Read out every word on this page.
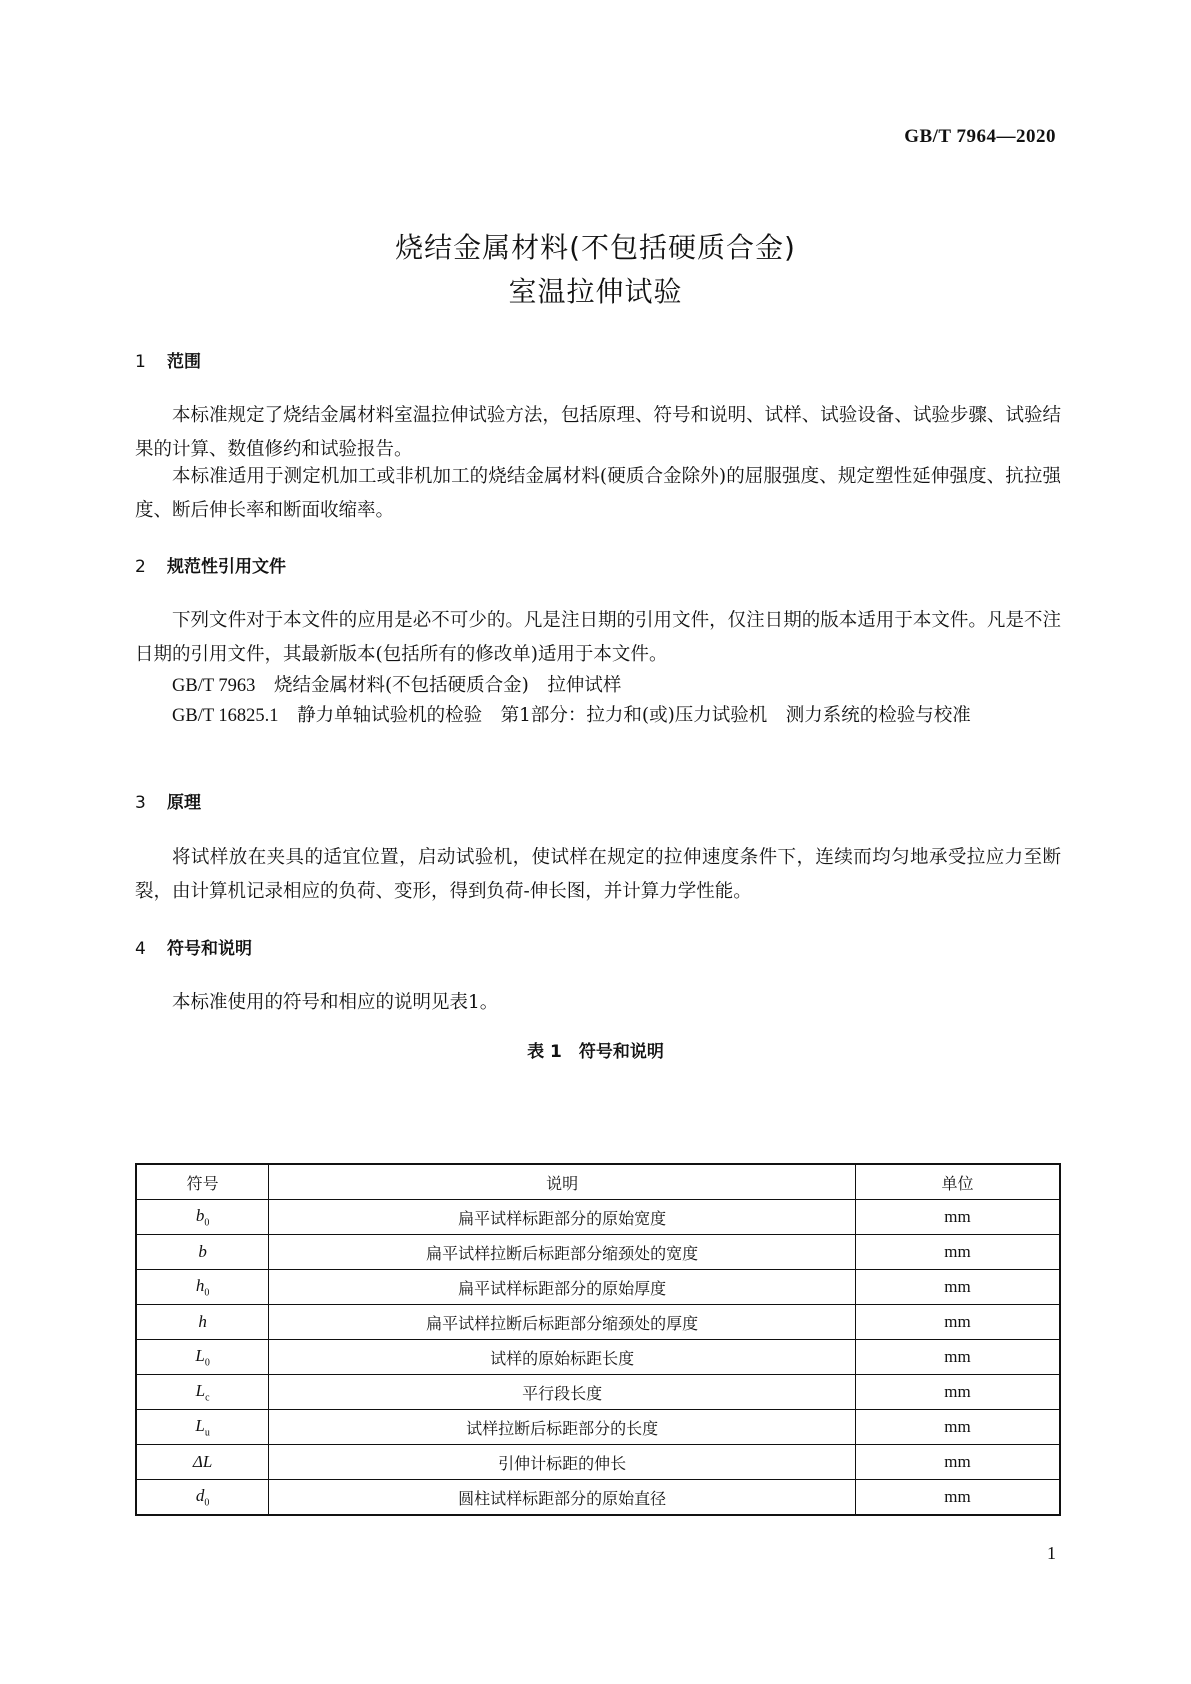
GB/T 7964—2020
烧结金属材料(不包括硬质合金)
室温拉伸试验
1 范围
本标准规定了烧结金属材料室温拉伸试验方法，包括原理、符号和说明、试样、试验设备、试验步骤、试验结果的计算、数值修约和试验报告。
本标准适用于测定机加工或非机加工的烧结金属材料(硬质合金除外)的屈服强度、规定塑性延伸强度、抗拉强度、断后伸长率和断面收缩率。
2 规范性引用文件
下列文件对于本文件的应用是必不可少的。凡是注日期的引用文件，仅注日期的版本适用于本文件。凡是不注日期的引用文件，其最新版本(包括所有的修改单)适用于本文件。
GB/T 7963　 烧结金属材料(不包括硬质合金)　拉伸试样
GB/T 16825.1　 静力单轴试验机的检验　第1部分：拉力和(或)压力试验机　测力系统的检验与校准
3 原理
将试样放在夹具的适宜位置，启动试验机，使试样在规定的拉伸速度条件下，连续而均匀地承受拉应力至断裂，由计算机记录相应的负荷、变形，得到负荷-伸长图，并计算力学性能。
4 符号和说明
本标准使用的符号和相应的说明见表1。
表 1　符号和说明
符号	说明	单位
$b_0$	扁平试样标距部分的原始宽度	mm
b	扁平试样拉断后标距部分缩颈处的宽度	mm
$h_0$	扁平试样标距部分的原始厚度	mm
h	扁平试样拉断后标距部分缩颈处的厚度	mm
$L_0$	试样的原始标距长度	mm
$L_c$	平行段长度	mm
$L_u$	试样拉断后标距部分的长度	mm
ΔL	引伸计标距的伸长	mm
$d_0$	圆柱试样标距部分的原始直径	mm
1
